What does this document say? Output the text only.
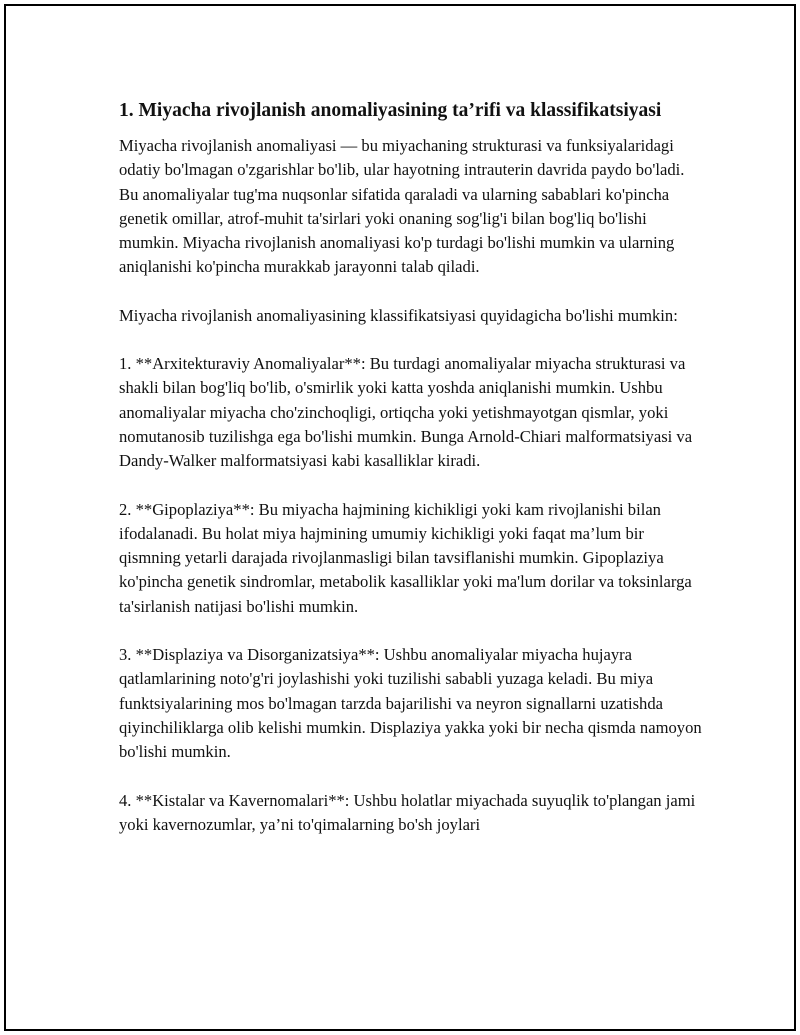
1. Miyacha rivojlanish anomaliyasining ta’rifi va klassifikatsiyasi

Miyacha rivojlanish anomaliyasi — bu miyachaning strukturasi va funksiyalaridagi odatiy bo'lmagan o'zgarishlar bo'lib, ular hayotning intrauterin davrida paydo bo'ladi. Bu anomaliyalar tug'ma nuqsonlar sifatida qaraladi va ularning sabablari ko'pincha genetik omillar, atrof-muhit ta'sirlari yoki onaning sog'lig'i bilan bog'liq bo'lishi mumkin. Miyacha rivojlanish anomaliyasi ko'p turdagi bo'lishi mumkin va ularning aniqlanishi ko'pincha murakkab jarayonni talab qiladi.

Miyacha rivojlanish anomaliyasining klassifikatsiyasi quyidagicha bo'lishi mumkin:

1. **Arxitekturaviy Anomaliyalar**: Bu turdagi anomaliyalar miyacha strukturasi va shakli bilan bog'liq bo'lib, o'smirlik yoki katta yoshda aniqlanishi mumkin. Ushbu anomaliyalar miyacha cho'zinchoqligi, ortiqcha yoki yetishmayotgan qismlar, yoki nomutanosib tuzilishga ega bo'lishi mumkin. Bunga Arnold-Chiari malformatsiyasi va Dandy-Walker malformatsiyasi kabi kasalliklar kiradi.

2. **Gipoplaziya**: Bu miyacha hajmining kichikligi yoki kam rivojlanishi bilan ifodalanadi. Bu holat miya hajmining umumiy kichikligi yoki faqat ma’lum bir qismning yetarli darajada rivojlanmasligi bilan tavsiflanishi mumkin. Gipoplaziya ko'pincha genetik sindromlar, metabolik kasalliklar yoki ma'lum dorilar va toksinlarga ta'sirlanish natijasi bo'lishi mumkin.

3. **Displaziya va Disorganizatsiya**: Ushbu anomaliyalar miyacha hujayra qatlamlarining noto'g'ri joylashishi yoki tuzilishi sababli yuzaga keladi. Bu miya funktsiyalarining mos bo'lmagan tarzda bajarilishi va neyron signallarni uzatishda qiyinchiliklarga olib kelishi mumkin. Displaziya yakka yoki bir necha qismda namoyon bo'lishi mumkin.

4. **Kistalar va Kavernomalari**: Ushbu holatlar miyachada suyuqlik to'plangan jami yoki kavernozumlar, ya’ni to'qimalarning bo'sh joylari
